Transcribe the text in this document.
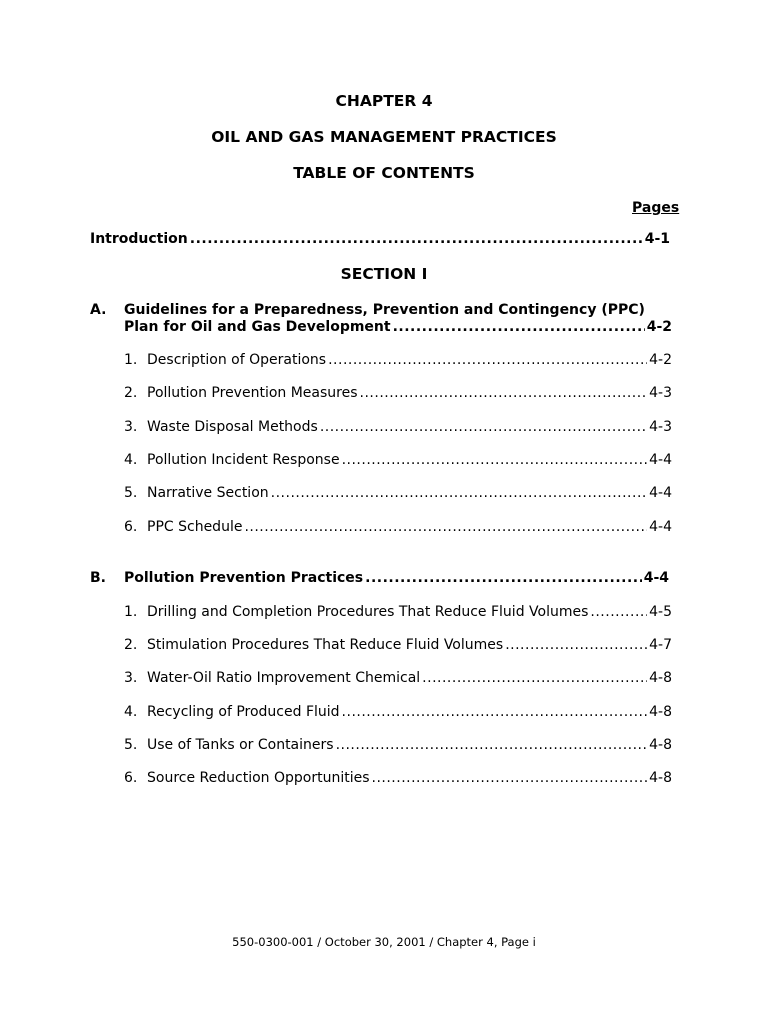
CHAPTER 4
OIL AND GAS MANAGEMENT PRACTICES
TABLE OF CONTENTS
Pages
Introduction .....	4-1
SECTION I
A. Guidelines for a Preparedness, Prevention and Contingency (PPC)
Plan for Oil and Gas Development .....	4-2
1. Description of Operations .....	4-2
2. Pollution Prevention Measures .....	4-3
3. Waste Disposal Methods .....	4-3
4. Pollution Incident Response .....	4-4
5. Narrative Section .....	4-4
6. PPC Schedule .....	4-4
B. Pollution Prevention Practices .....	4-4
1. Drilling and Completion Procedures That Reduce Fluid Volumes .....	4-5
2. Stimulation Procedures That Reduce Fluid Volumes .....	4-7
3. Water-Oil Ratio Improvement Chemical .....	4-8
4. Recycling of Produced Fluid .....	4-8
5. Use of Tanks or Containers .....	4-8
6. Source Reduction Opportunities .....	4-8
550-0300-001 / October 30, 2001 / Chapter 4, Page i
